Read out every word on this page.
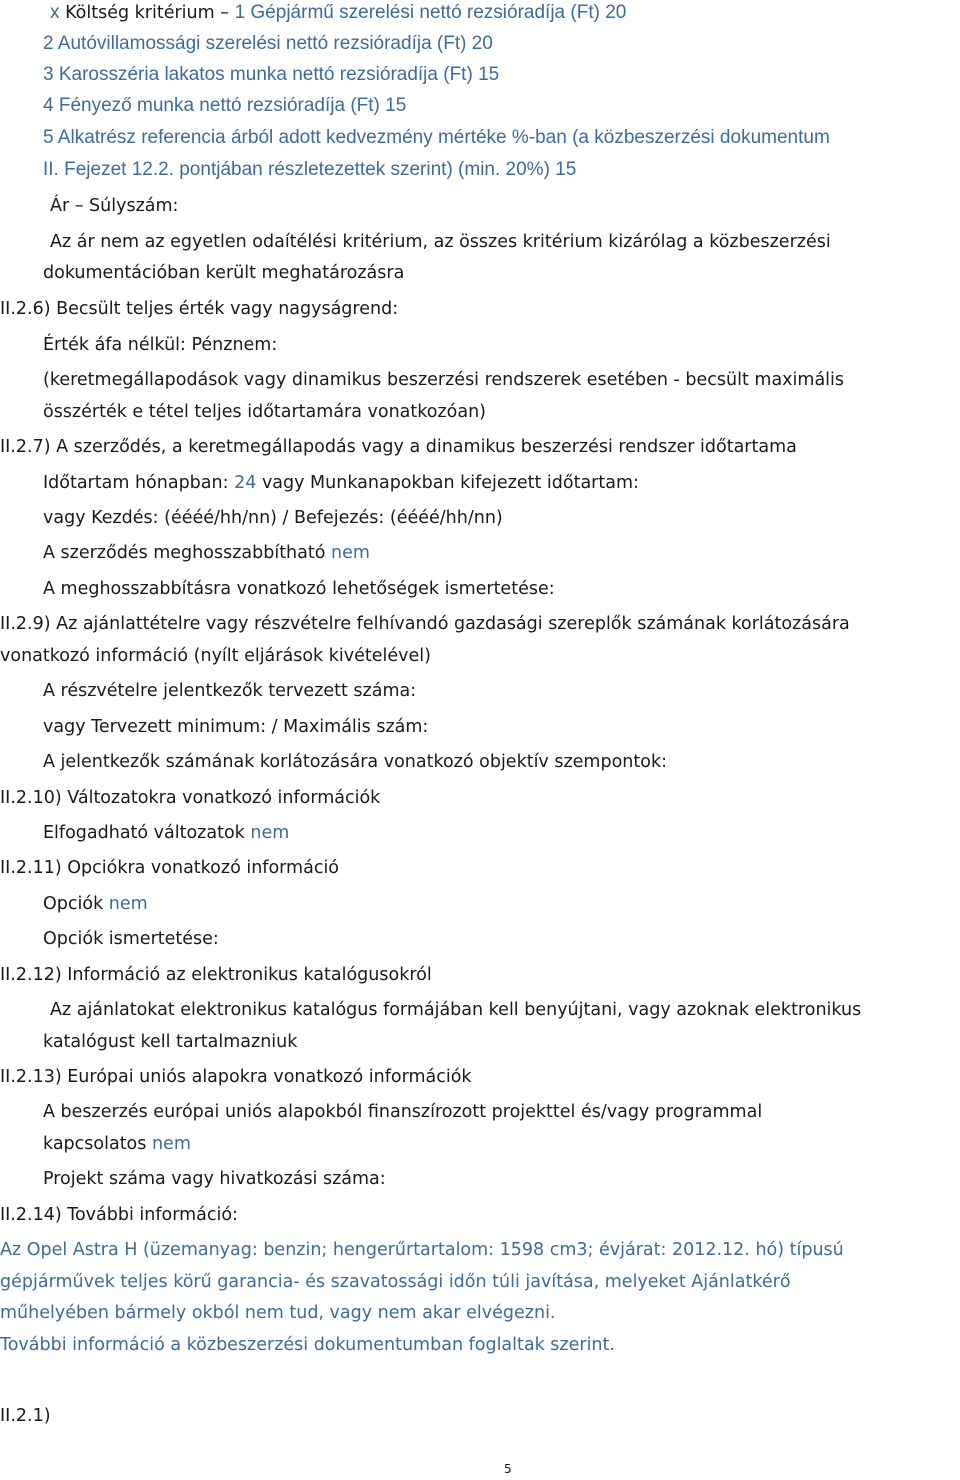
x Költség kritérium – 1 Gépjármű szerelési nettó rezsióradíja (Ft) 20
2 Autóvillamossági szerelési nettó rezsióradíja (Ft) 20
3 Karosszéria lakatos munka nettó rezsióradíja (Ft) 15
4 Fényező munka nettó rezsióradíja (Ft) 15
5 Alkatrész referencia árból adott kedvezmény mértéke %-ban (a közbeszerzési dokumentum
II. Fejezet 12.2. pontjában részletezettek szerint) (min. 20%) 15
Ár – Súlyszám:
Az ár nem az egyetlen odaítélési kritérium, az összes kritérium kizárólag a közbeszerzési
dokumentációban került meghatározásra
II.2.6) Becsült teljes érték vagy nagyságrend:
Érték áfa nélkül: Pénznem:
(keretmegállapodások vagy dinamikus beszerzési rendszerek esetében - becsült maximális
összérték e tétel teljes időtartamára vonatkozóan)
II.2.7) A szerződés, a keretmegállapodás vagy a dinamikus beszerzési rendszer időtartama
Időtartam hónapban: 24 vagy Munkanapokban kifejezett időtartam:
vagy Kezdés: (éééé/hh/nn) / Befejezés: (éééé/hh/nn)
A szerződés meghosszabbítható nem
A meghosszabbításra vonatkozó lehetőségek ismertetése:
II.2.9) Az ajánlattételre vagy részvételre felhívandó gazdasági szereplők számának korlátozására
vonatkozó információ (nyílt eljárások kivételével)
A részvételre jelentkezők tervezett száma:
vagy Tervezett minimum: / Maximális szám:
A jelentkezők számának korlátozására vonatkozó objektív szempontok:
II.2.10) Változatokra vonatkozó információk
Elfogadható változatok nem
II.2.11) Opciókra vonatkozó információ
Opciók nem
Opciók ismertetése:
II.2.12) Információ az elektronikus katalógusokról
Az ajánlatokat elektronikus katalógus formájában kell benyújtani, vagy azoknak elektronikus
katalógust kell tartalmazniuk
II.2.13) Európai uniós alapokra vonatkozó információk
A beszerzés európai uniós alapokból finanszírozott projekttel és/vagy programmal
kapcsolatos nem
Projekt száma vagy hivatkozási száma:
II.2.14) További információ:
Az Opel Astra H (üzemanyag: benzin; hengerűrtartalom: 1598 cm3; évjárat: 2012.12. hó) típusú
gépjárművek teljes körű garancia- és szavatossági időn túli javítása, melyeket Ajánlatkérő
műhelyében bármely okból nem tud, vagy nem akar elvégezni.
További információ a közbeszerzési dokumentumban foglaltak szerint.
II.2.1)
5
